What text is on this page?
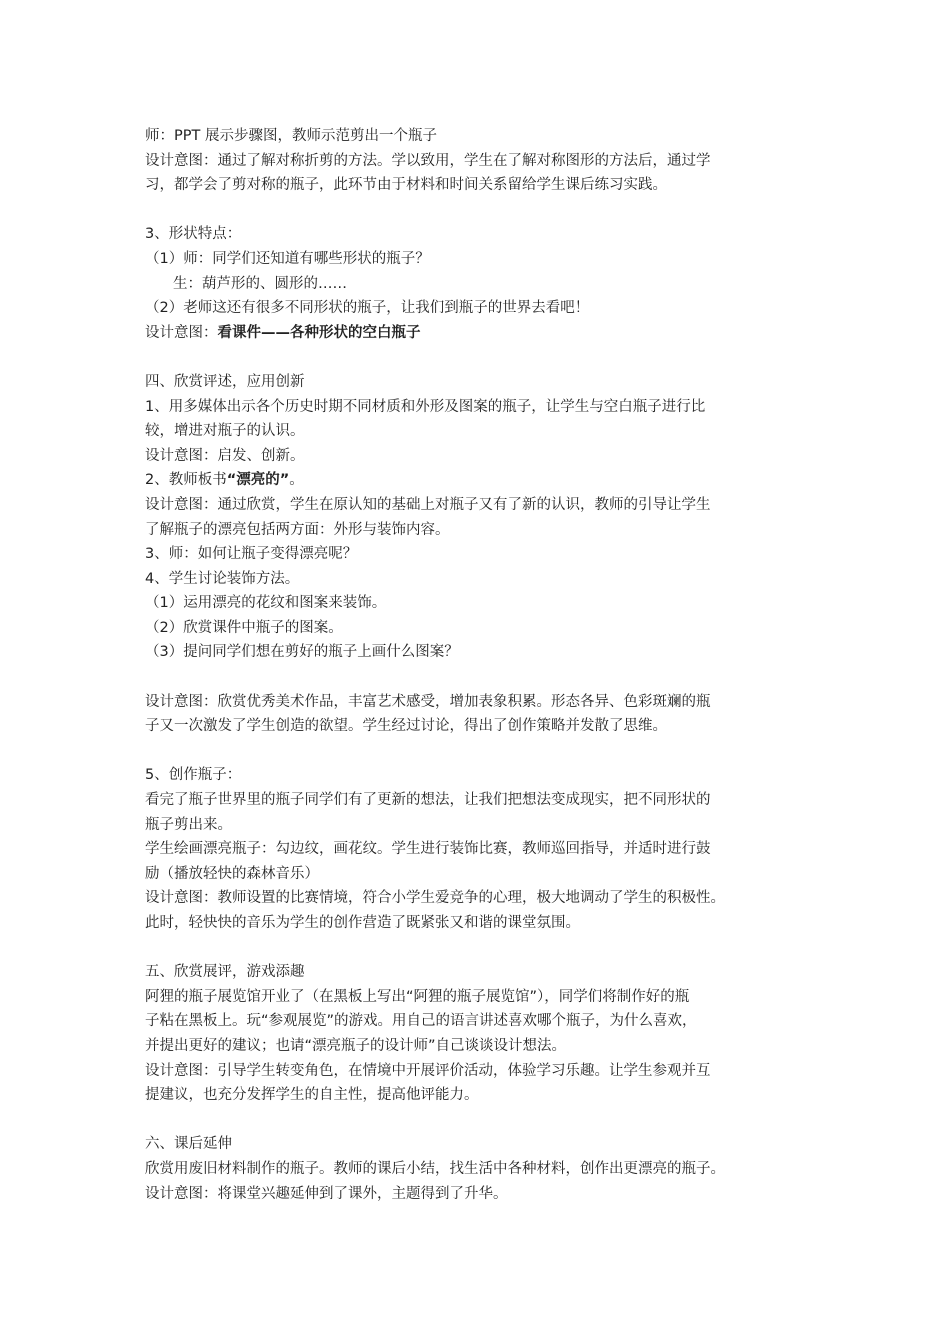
师：PPT 展示步骤图，教师示范剪出一个瓶子
设计意图：通过了解对称折剪的方法。学以致用，学生在了解对称图形的方法后，通过学
习，都学会了剪对称的瓶子，此环节由于材料和时间关系留给学生课后练习实践。
3、形状特点：
（1）师：同学们还知道有哪些形状的瓶子？
生：葫芦形的、圆形的……
（2）老师这还有很多不同形状的瓶子，让我们到瓶子的世界去看吧！
设计意图：看课件——各种形状的空白瓶子
四、欣赏评述，应用创新
1、用多媒体出示各个历史时期不同材质和外形及图案的瓶子，让学生与空白瓶子进行比
较，增进对瓶子的认识。
设计意图：启发、创新。
2、教师板书“漂亮的”。
设计意图：通过欣赏，学生在原认知的基础上对瓶子又有了新的认识，教师的引导让学生
了解瓶子的漂亮包括两方面：外形与装饰内容。
3、师：如何让瓶子变得漂亮呢？
4、学生讨论装饰方法。
（1）运用漂亮的花纹和图案来装饰。
（2）欣赏课件中瓶子的图案。
（3）提问同学们想在剪好的瓶子上画什么图案？
设计意图：欣赏优秀美术作品，丰富艺术感受，增加表象积累。形态各异、色彩斑斓的瓶
子又一次激发了学生创造的欲望。学生经过讨论，得出了创作策略并发散了思维。
5、创作瓶子：
看完了瓶子世界里的瓶子同学们有了更新的想法，让我们把想法变成现实，把不同形状的
瓶子剪出来。
学生绘画漂亮瓶子：勾边纹，画花纹。学生进行装饰比赛，教师巡回指导，并适时进行鼓
励（播放轻快的森林音乐）
设计意图：教师设置的比赛情境，符合小学生爱竞争的心理，极大地调动了学生的积极性。
此时，轻快快的音乐为学生的创作营造了既紧张又和谐的课堂氛围。
五、欣赏展评，游戏添趣
阿狸的瓶子展览馆开业了（在黑板上写出“阿狸的瓶子展览馆”），同学们将制作好的瓶
子粘在黑板上。玩“参观展览”的游戏。用自己的语言讲述喜欢哪个瓶子，为什么喜欢，
并提出更好的建议；也请“漂亮瓶子的设计师”自己谈谈设计想法。
设计意图：引导学生转变角色，在情境中开展评价活动，体验学习乐趣。让学生参观并互
提建议，也充分发挥学生的自主性，提高他评能力。
六、课后延伸
欣赏用废旧材料制作的瓶子。教师的课后小结，找生活中各种材料，创作出更漂亮的瓶子。
设计意图：将课堂兴趣延伸到了课外，主题得到了升华。
